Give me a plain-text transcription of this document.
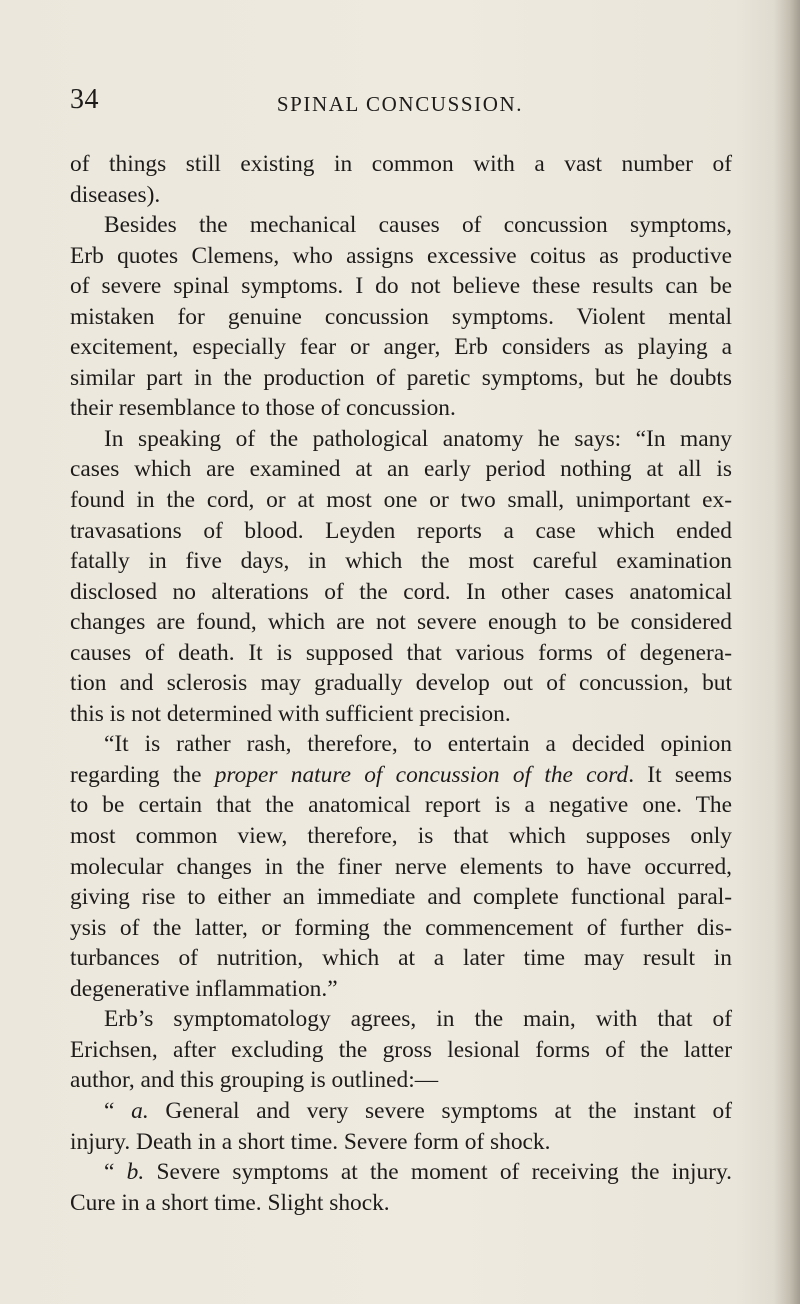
34	SPINAL CONCUSSION.

of things still existing in common with a vast number of
diseases).

Besides the mechanical causes of concussion symptoms,
Erb quotes Clemens, who assigns excessive coitus as productive
of severe spinal symptoms. I do not believe these results can be
mistaken for genuine concussion symptoms. Violent mental
excitement, especially fear or anger, Erb considers as playing a
similar part in the production of paretic symptoms, but he doubts
their resemblance to those of concussion.

In speaking of the pathological anatomy he says: “In many
cases which are examined at an early period nothing at all is
found in the cord, or at most one or two small, unimportant ex-
travasations of blood. Leyden reports a case which ended
fatally in five days, in which the most careful examination
disclosed no alterations of the cord. In other cases anatomical
changes are found, which are not severe enough to be considered
causes of death. It is supposed that various forms of degenera-
tion and sclerosis may gradually develop out of concussion, but
this is not determined with sufficient precision.

“It is rather rash, therefore, to entertain a decided opinion
regarding the proper nature of concussion of the cord. It seems
to be certain that the anatomical report is a negative one. The
most common view, therefore, is that which supposes only
molecular changes in the finer nerve elements to have occurred,
giving rise to either an immediate and complete functional paral-
ysis of the latter, or forming the commencement of further dis-
turbances of nutrition, which at a later time may result in
degenerative inflammation.”

Erb’s symptomatology agrees, in the main, with that of
Erichsen, after excluding the gross lesional forms of the latter
author, and this grouping is outlined:—

“ a. General and very severe symptoms at the instant of
injury. Death in a short time. Severe form of shock.

“ b. Severe symptoms at the moment of receiving the injury.
Cure in a short time. Slight shock.
